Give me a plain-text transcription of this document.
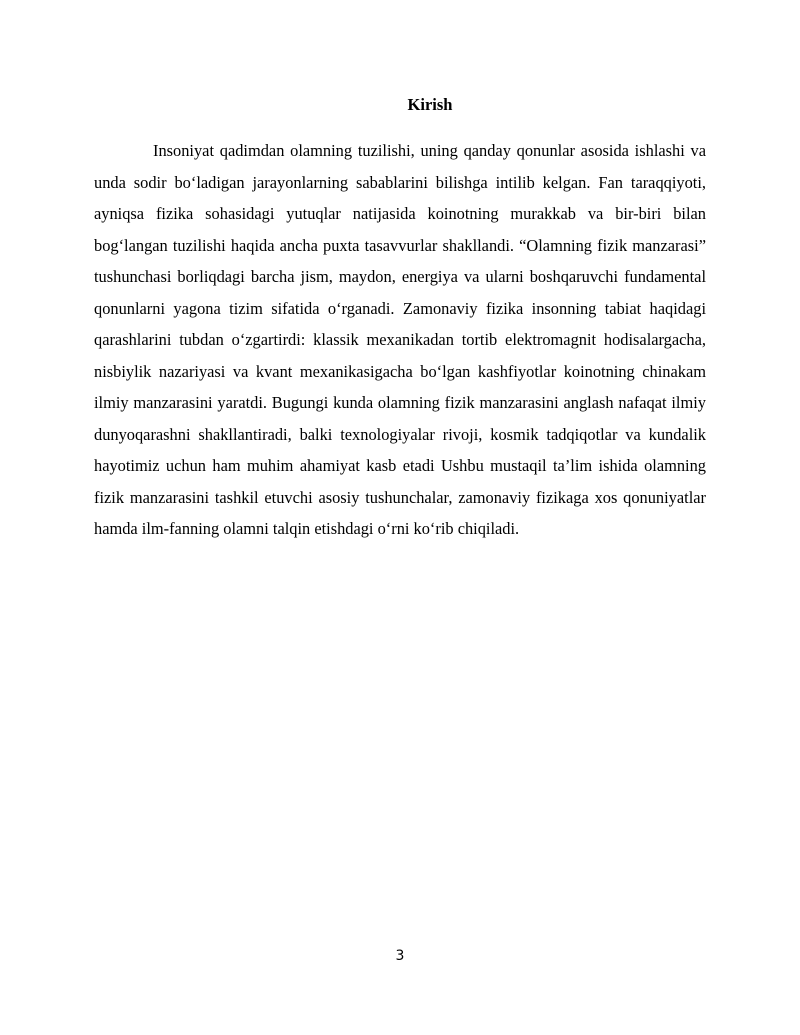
Kirish

Insoniyat qadimdan olamning tuzilishi, uning qanday qonunlar asosida ishlashi va unda sodir bo‘ladigan jarayonlarning sabablarini bilishga intilib kelgan. Fan taraqqiyoti, ayniqsa fizika sohasidagi yutuqlar natijasida koinotning murakkab va bir-biri bilan bog‘langan tuzilishi haqida ancha puxta tasavvurlar shakllandi. “Olamning fizik manzarasi” tushunchasi borliqdagi barcha jism, maydon, energiya va ularni boshqaruvchi fundamental qonunlarni yagona tizim sifatida o‘rganadi. Zamonaviy fizika insonning tabiat haqidagi qarashlarini tubdan o‘zgartirdi: klassik mexanikadan tortib elektromagnit hodisalargacha, nisbiylik nazariyasi va kvant mexanikasigacha bo‘lgan kashfiyotlar koinotning chinakam ilmiy manzarasini yaratdi. Bugungi kunda olamning fizik manzarasini anglash nafaqat ilmiy dunyoqarashni shakllantiradi, balki texnologiyalar rivoji, kosmik tadqiqotlar va kundalik hayotimiz uchun ham muhim ahamiyat kasb etadi Ushbu mustaqil ta’lim ishida olamning fizik manzarasini tashkil etuvchi asosiy tushunchalar, zamonaviy fizikaga xos qonuniyatlar hamda ilm-fanning olamni talqin etishdagi o‘rni ko‘rib chiqiladi.

3
